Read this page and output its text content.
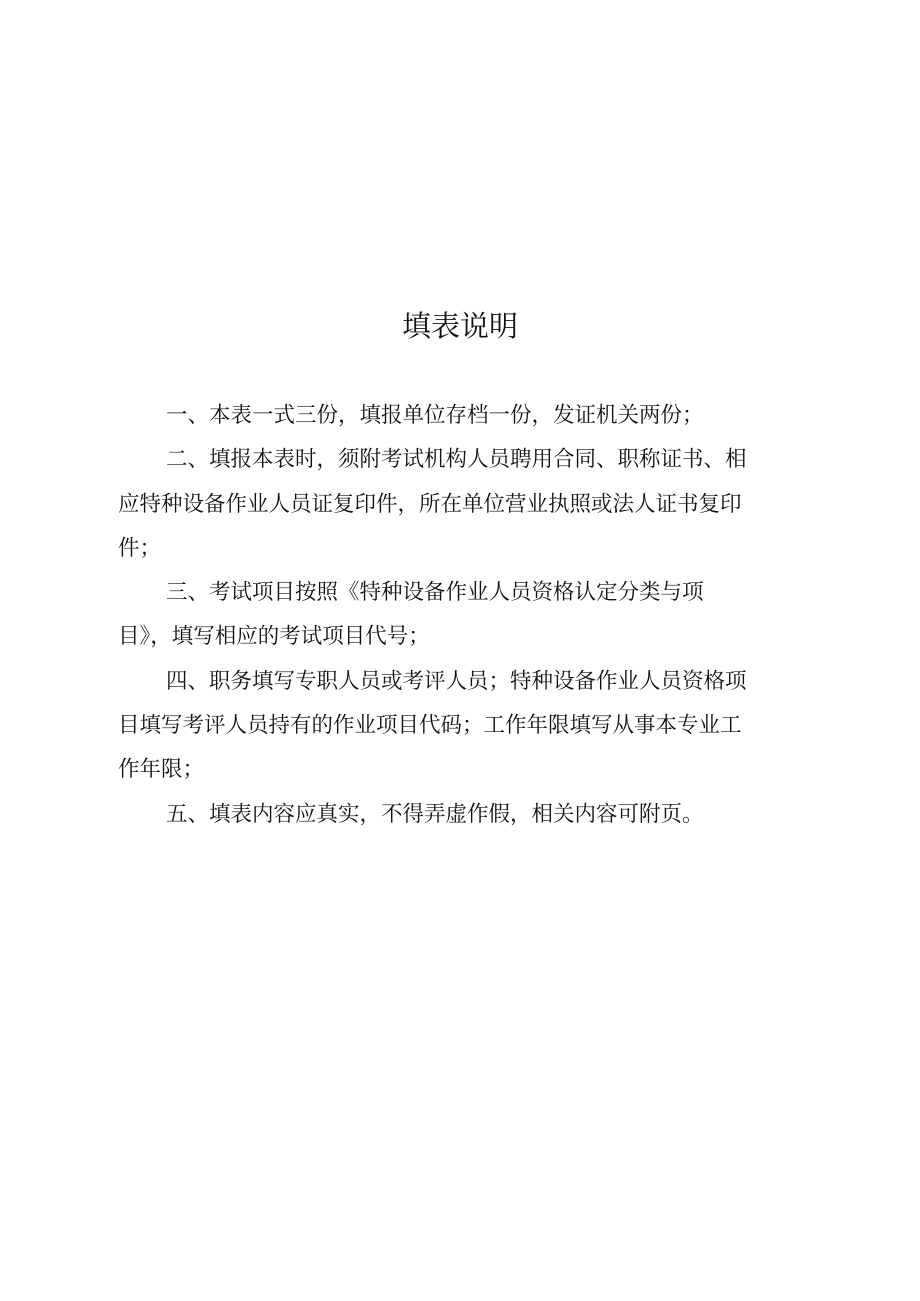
填表说明

一、本表一式三份，填报单位存档一份，发证机关两份；

二、填报本表时，须附考试机构人员聘用合同、职称证书、相
应特种设备作业人员证复印件，所在单位营业执照或法人证书复印
件；

三、考试项目按照《特种设备作业人员资格认定分类与项
目》，填写相应的考试项目代号；

四、职务填写专职人员或考评人员；特种设备作业人员资格项
目填写考评人员持有的作业项目代码；工作年限填写从事本专业工
作年限；

五、填表内容应真实，不得弄虚作假，相关内容可附页。
